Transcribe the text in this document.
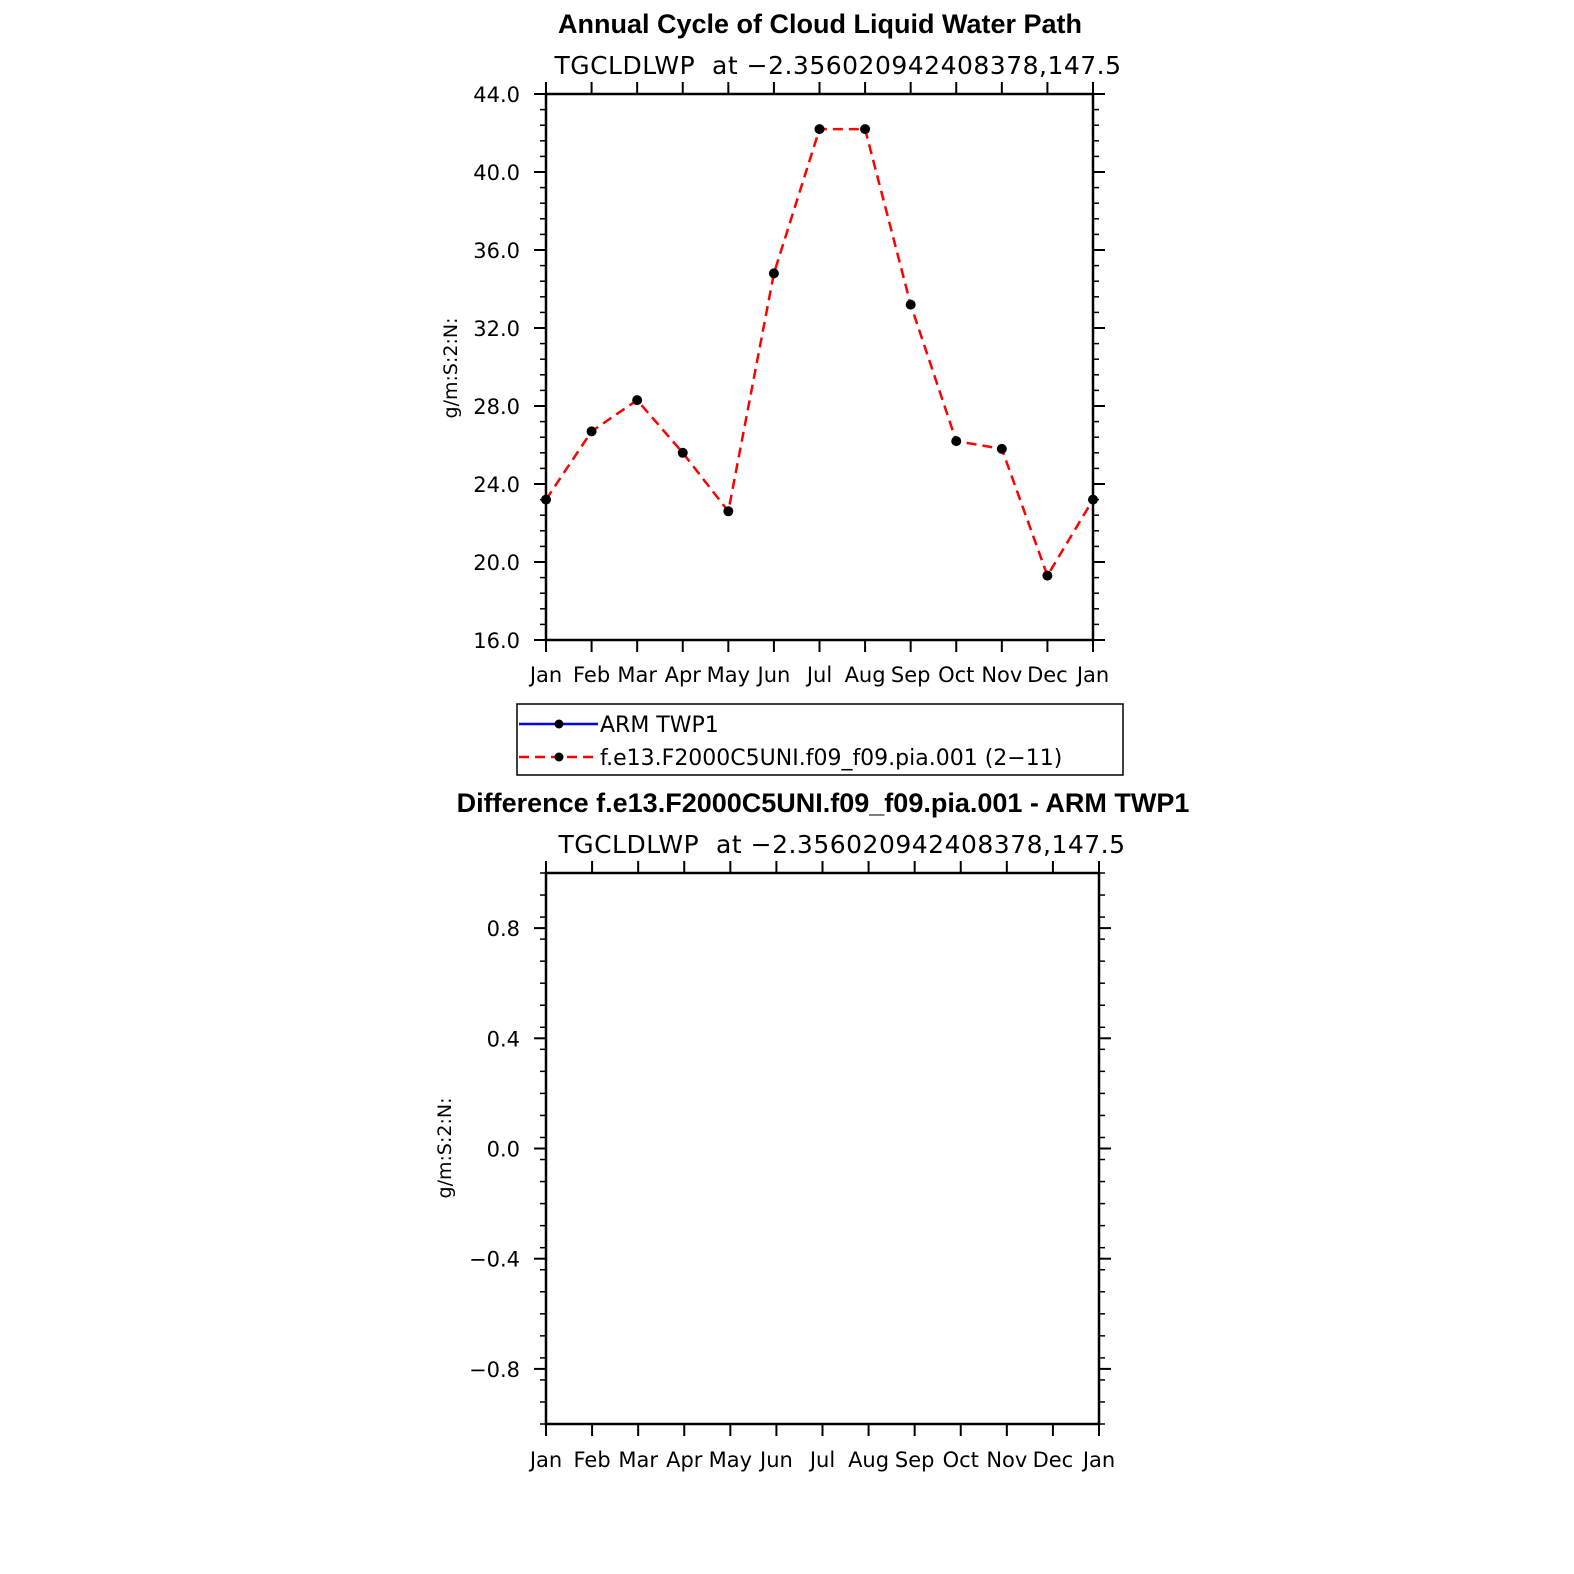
Annual Cycle of Cloud Liquid Water Path
TGCLDLWP  at −2.356020942408378,147.5
g/m:S:2:N:
Jan Feb Mar Apr May Jun Jul Aug Sep Oct Nov Dec Jan
16.0
20.0
24.0
28.0
32.0
36.0
40.0
44.0
ARM TWP1
f.e13.F2000C5UNI.f09_f09.pia.001 (2−11)
Difference f.e13.F2000C5UNI.f09_f09.pia.001 - ARM TWP1
TGCLDLWP  at −2.356020942408378,147.5
g/m:S:2:N:
Jan Feb Mar Apr May Jun Jul Aug Sep Oct Nov Dec Jan
−0.8
−0.4
0.0
0.4
0.8
